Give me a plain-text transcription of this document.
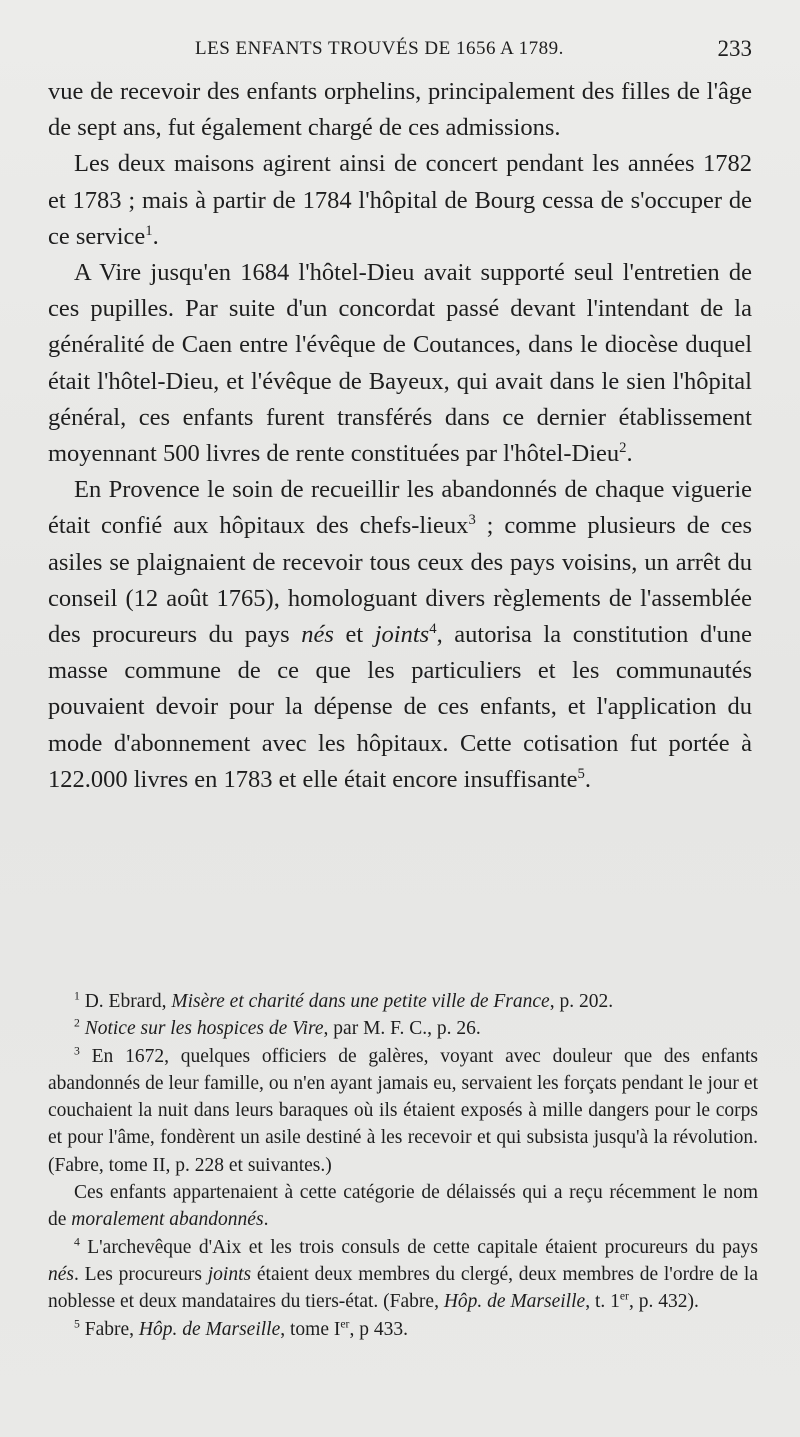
LES ENFANTS TROUVÉS DE 1656 A 1789.	233

vue de recevoir des enfants orphelins, principalement des filles de l'âge de sept ans, fut également chargé de ces admissions.

Les deux maisons agirent ainsi de concert pendant les années 1782 et 1783 ; mais à partir de 1784 l'hôpital de Bourg cessa de s'occuper de ce service$^1$.

A Vire jusqu'en 1684 l'hôtel-Dieu avait supporté seul l'entretien de ces pupilles. Par suite d'un concordat passé devant l'intendant de la généralité de Caen entre l'évêque de Coutances, dans le diocèse duquel était l'hôtel-Dieu, et l'évêque de Bayeux, qui avait dans le sien l'hôpital général, ces enfants furent transférés dans ce dernier établissement moyennant 500 livres de rente constituées par l'hôtel-Dieu$^2$.

En Provence le soin de recueillir les abandonnés de chaque viguerie était confié aux hôpitaux des chefs-lieux$^3$ ; comme plusieurs de ces asiles se plaignaient de recevoir tous ceux des pays voisins, un arrêt du conseil (12 août 1765), homologuant divers règlements de l'assemblée des procureurs du pays nés et joints$^4$, autorisa la constitution d'une masse commune de ce que les particuliers et les communautés pouvaient devoir pour la dépense de ces enfants, et l'application du mode d'abonnement avec les hôpitaux. Cette cotisation fut portée à 122.000 livres en 1783 et elle était encore insuffisante$^5$.

$^1$ D. Ebrard, Misère et charité dans une petite ville de France, p. 202.

$^2$ Notice sur les hospices de Vire, par M. F. C., p. 26.

$^3$ En 1672, quelques officiers de galères, voyant avec douleur que des enfants abandonnés de leur famille, ou n'en ayant jamais eu, servaient les forçats pendant le jour et couchaient la nuit dans leurs baraques où ils étaient exposés à mille dangers pour le corps et pour l'âme, fondèrent un asile destiné à les recevoir et qui subsista jusqu'à la révolution. (Fabre, tome II, p. 228 et suivantes.)

Ces enfants appartenaient à cette catégorie de délaissés qui a reçu récemment le nom de moralement abandonnés.

$^4$ L'archevêque d'Aix et les trois consuls de cette capitale étaient procureurs du pays nés. Les procureurs joints étaient deux membres du clergé, deux membres de l'ordre de la noblesse et deux mandataires du tiers-état. (Fabre, Hôp. de Marseille, t. 1er, p. 432).

$^5$ Fabre, Hôp. de Marseille, tome Ier, p 433.
